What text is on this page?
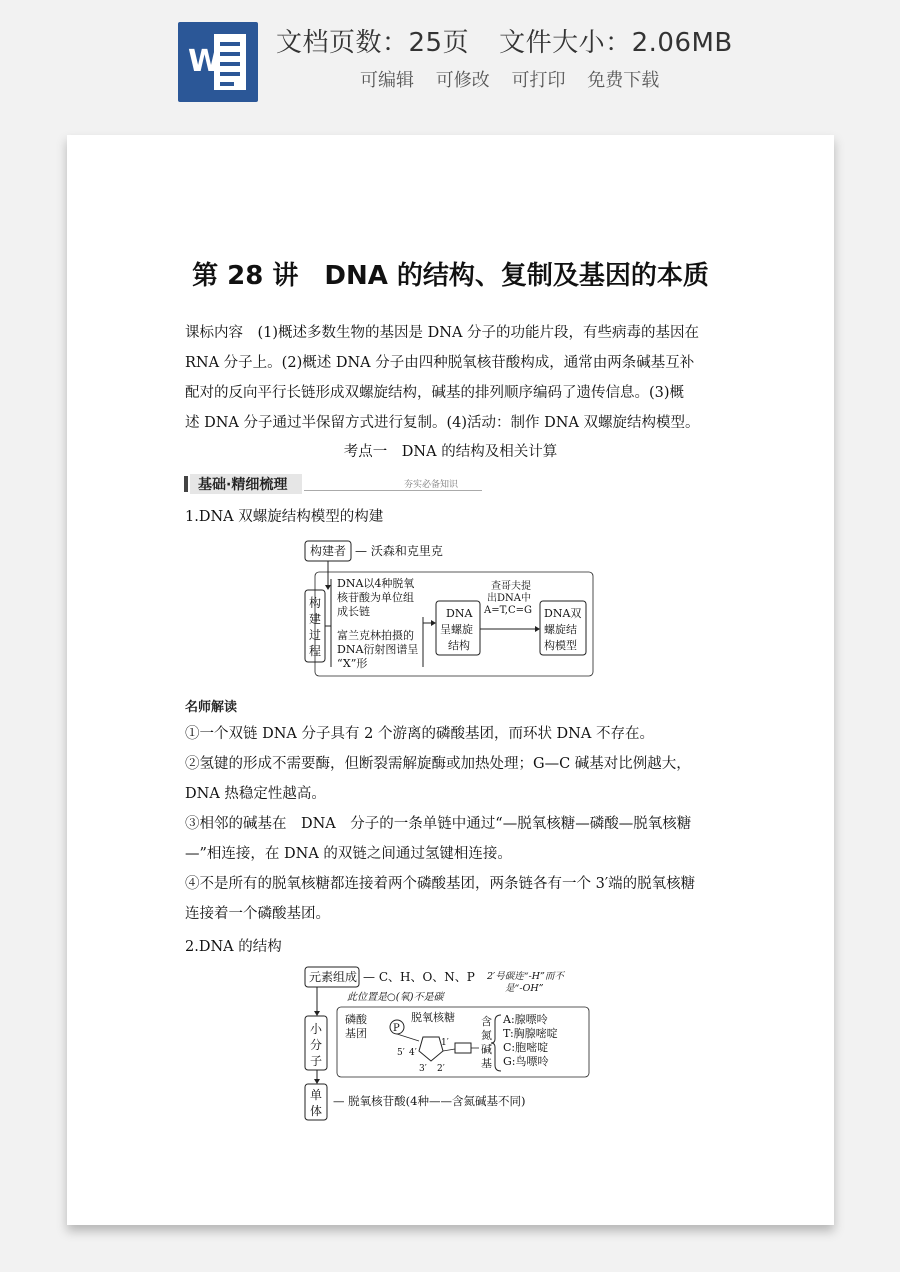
W
文档页数：25页 文件大小：2.06MB
可编辑 可修改 可打印 免费下载
第 28 讲　DNA 的结构、复制及基因的本质

课标内容　(1)概述多数生物的基因是 DNA 分子的功能片段，有些病毒的基因在

RNA 分子上。(2)概述 DNA 分子由四种脱氧核苷酸构成，通常由两条碱基互补

配对的反向平行长链形成双螺旋结构，碱基的排列顺序编码了遗传信息。(3)概

述 DNA 分子通过半保留方式进行复制。(4)活动：制作 DNA 双螺旋结构模型。

考点一　DNA 的结构及相关计算
基础·精细梳理	夯实必备知识
1.DNA 双螺旋结构模型的构建
构建者 — 沃森和克里克
构
建
过
程
DNA以4种脱氧
核苷酸为单位组
成长链
富兰克林拍摄的
DNA衍射图谱呈
“X”形
DNA
呈螺旋
结构
查哥夫提
出DNA中
A=T,C=G DNA双
螺旋结
构模型
名师解读

①一个双链 DNA 分子具有 2 个游离的磷酸基团，而环状 DNA 不存在。

②氢键的形成不需要酶，但断裂需解旋酶或加热处理；G—C 碱基对比例越大，

DNA 热稳定性越高。

③相邻的碱基在　DNA　分子的一条单链中通过“—脱氧核糖—磷酸—脱氧核糖

—”相连接，在 DNA 的双链之间通过氢键相连接。

④不是所有的脱氧核糖都连接着两个磷酸基团，两条链各有一个 3′端的脱氧核糖

连接着一个磷酸基团。

2.DNA 的结构
元素组成 — C、H、O、N、P
此位置是○(氧)不是碳
2′号碳连“-H”而不
是“-OH”
小
分
子
磷酸
基团	P
脱氧核糖
5′ 4′
1′
3′ 2′
含
氮
碱
基
A:腺嘌呤
T:胸腺嘧啶
C:胞嘧啶
G:鸟嘌呤
单
体
— 脱氧核苷酸(4种——含氮碱基不同)
